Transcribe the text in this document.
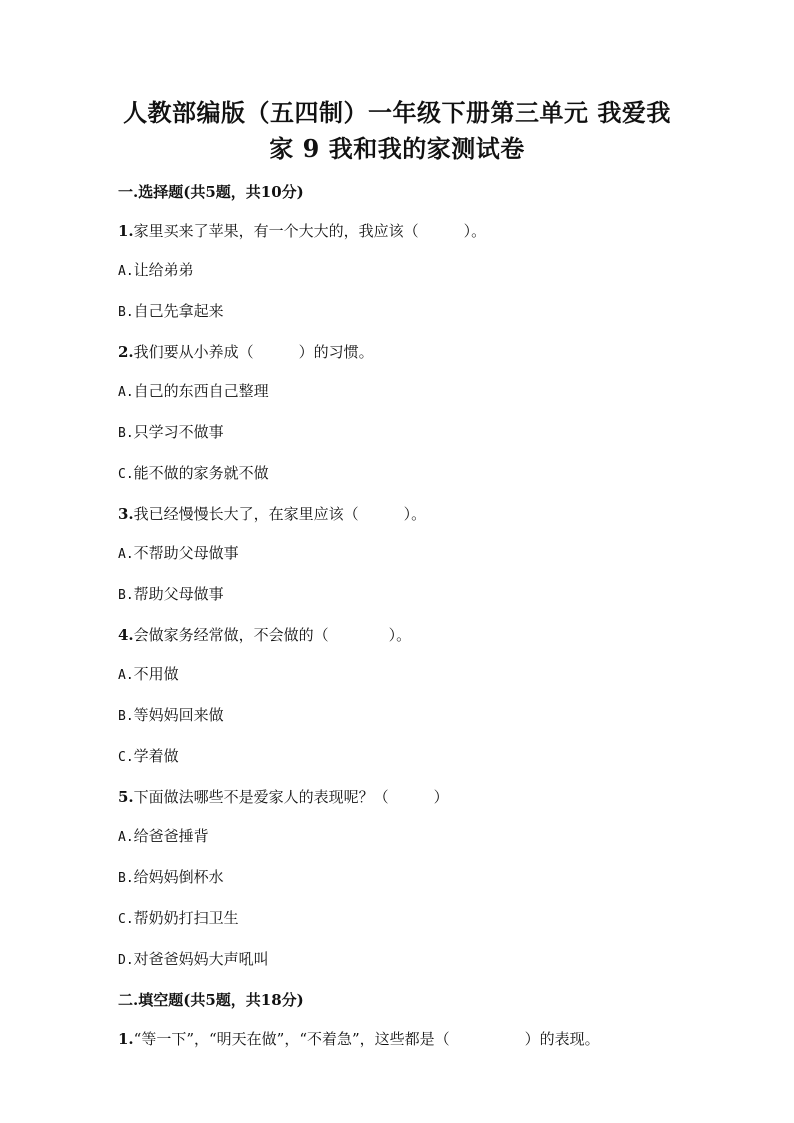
人教部编版（五四制）一年级下册第三单元 我爱我
家 9 我和我的家测试卷
一.选择题(共5题，共10分)
1.家里买来了苹果，有一个大大的，我应该（　　　）。
A.让给弟弟
B.自己先拿起来
2.我们要从小养成（　　　）的习惯。
A.自己的东西自己整理
B.只学习不做事
C.能不做的家务就不做
3.我已经慢慢长大了，在家里应该（　　　）。
A.不帮助父母做事
B.帮助父母做事
4.会做家务经常做，不会做的（　　　　）。
A.不用做
B.等妈妈回来做
C.学着做
5.下面做法哪些不是爱家人的表现呢？（　　　）
A.给爸爸捶背
B.给妈妈倒杯水
C.帮奶奶打扫卫生
D.对爸爸妈妈大声吼叫
二.填空题(共5题，共18分)
1.“等一下”，“明天在做”，“不着急”，这些都是（　　　　　）的表现。
